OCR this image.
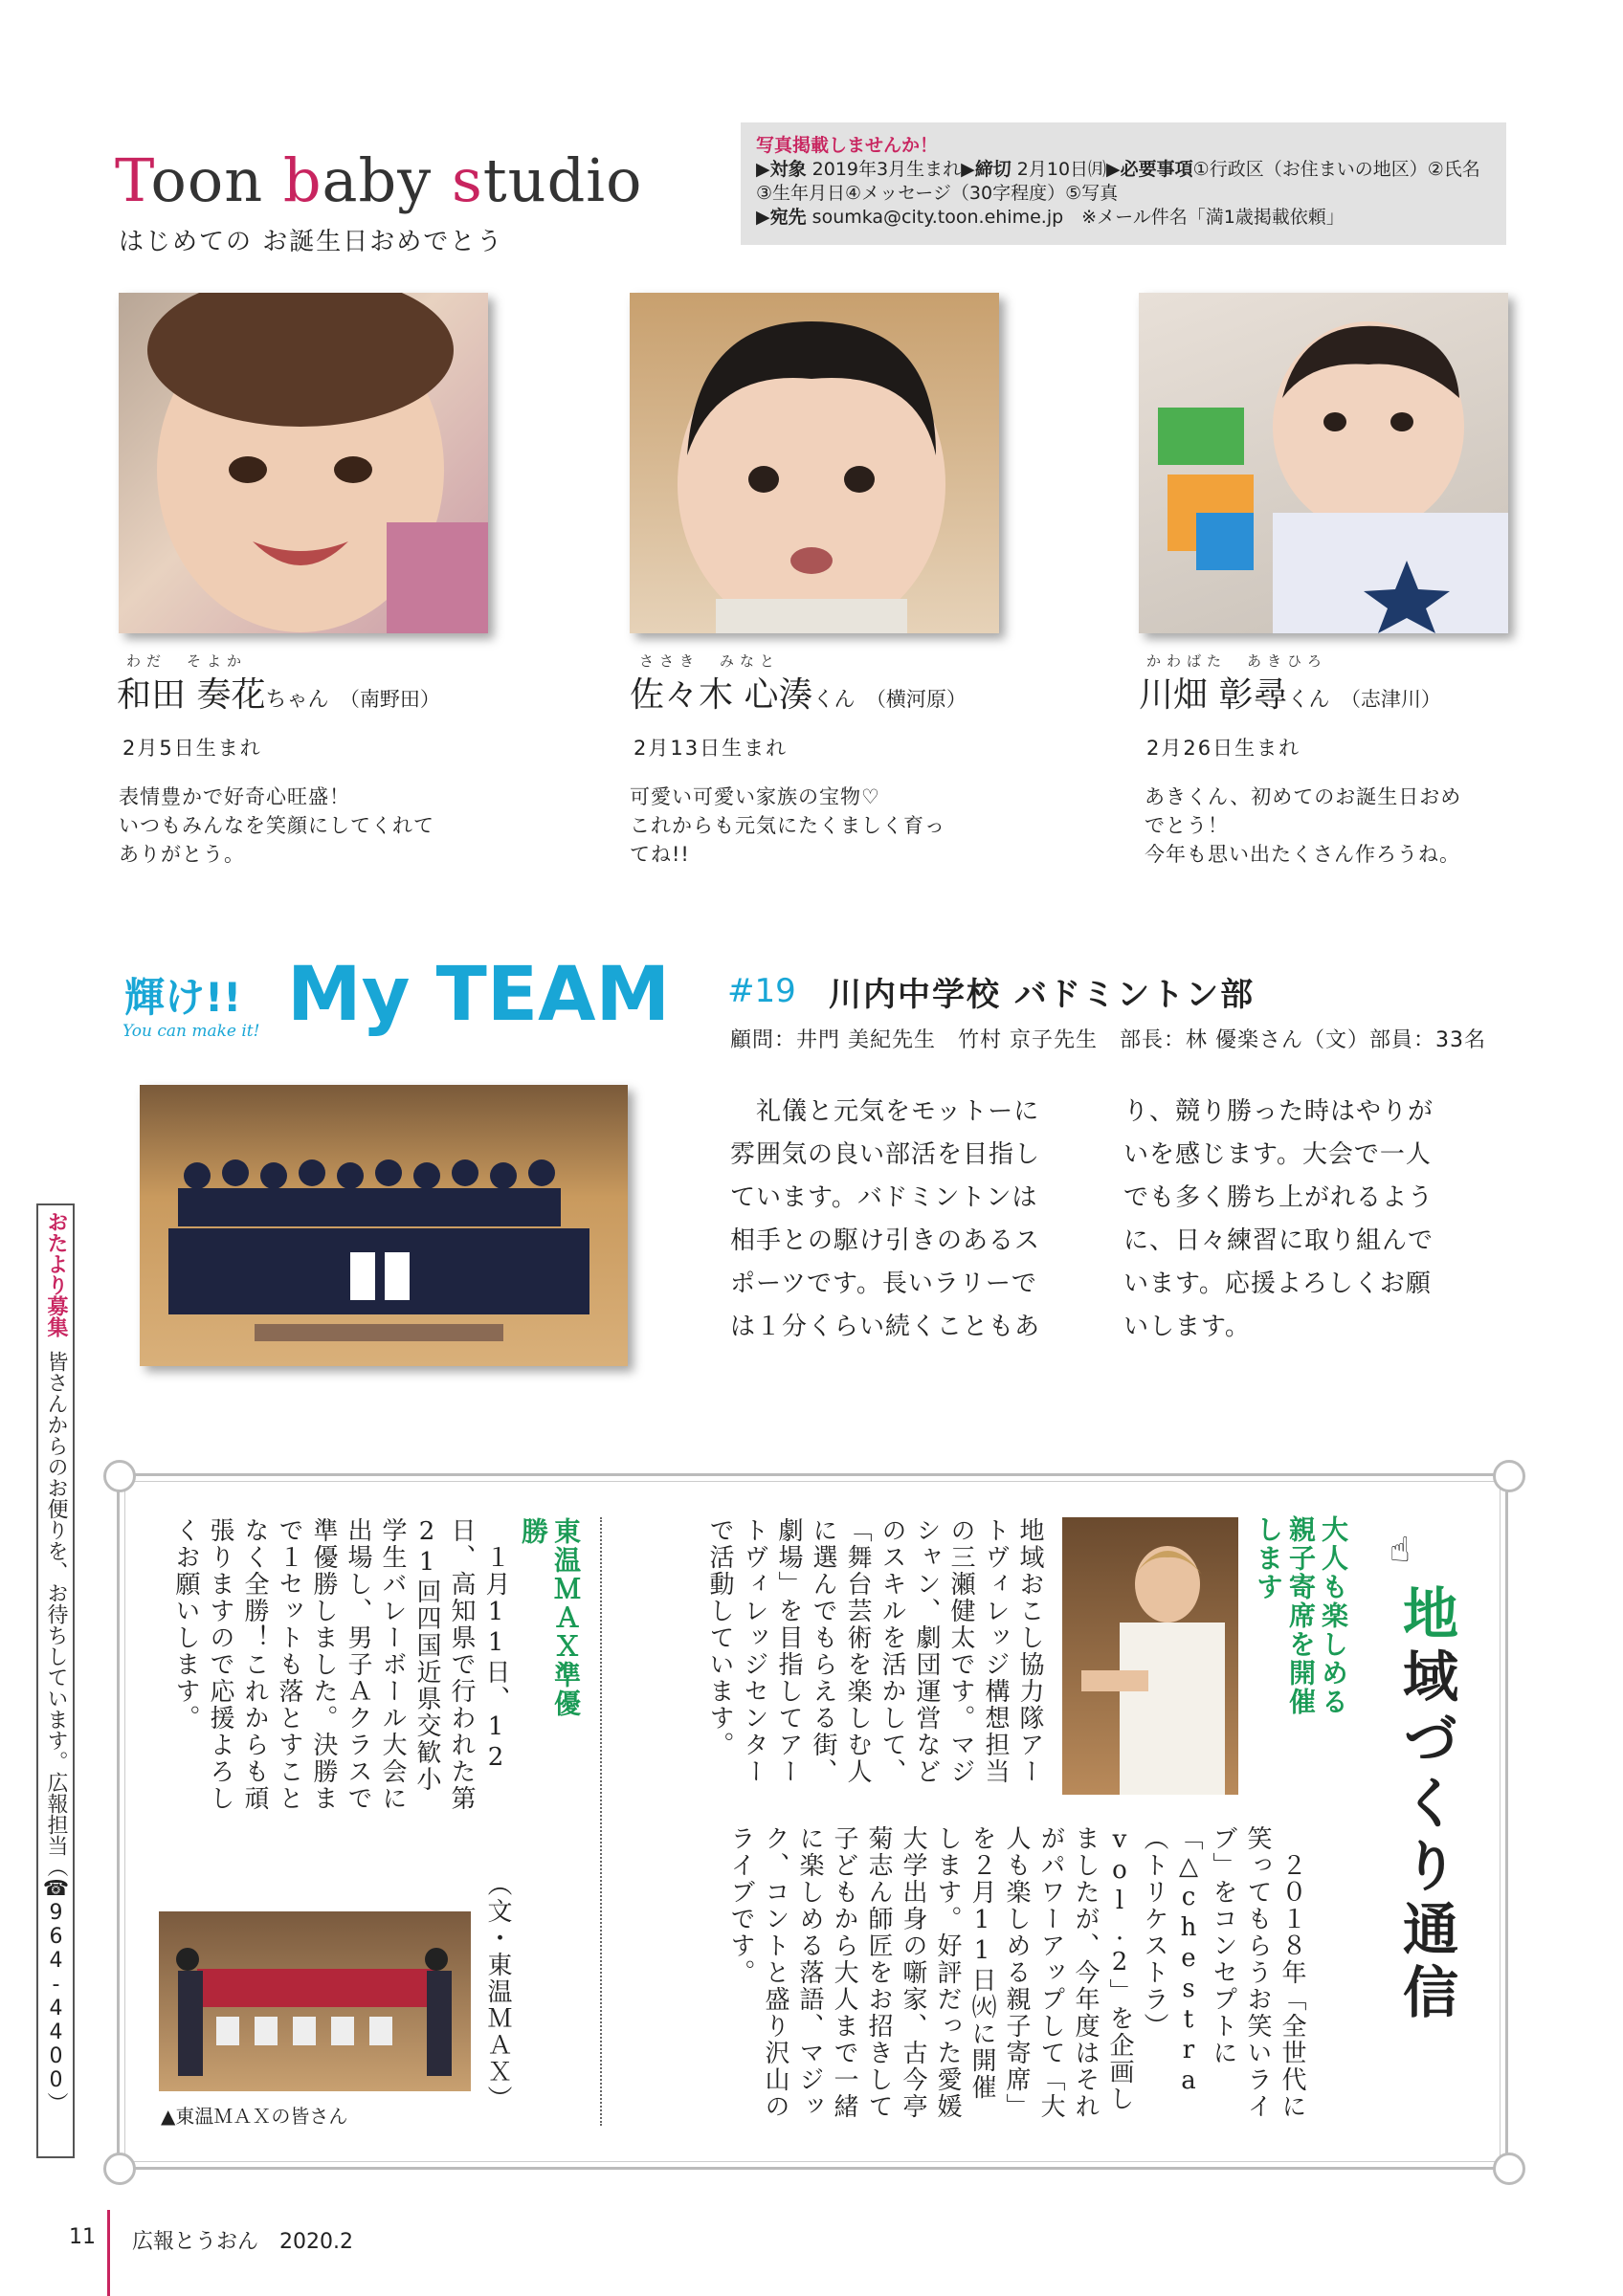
Toon baby studio
はじめての お誕生日おめでとう
写真掲載しませんか！
▶対象 2019年3月生まれ▶締切 2月10日㈪▶必要事項①行政区（お住まいの地区）②氏名③生年月日④メッセージ（30字程度）⑤写真
▶宛先 soumka@city.toon.ehime.jp　※メール件名「満1歳掲載依頼」
わだ　そよか
和田 奏花ちゃん （南野田）
2月5日生まれ
表情豊かで好奇心旺盛！
いつもみんなを笑顔にしてくれて
ありがとう。
ささき　みなと
佐々木 心湊くん （横河原）
2月13日生まれ
可愛い可愛い家族の宝物♡
これからも元気にたくましく育っ
てね!!
かわばた　あきひろ
川畑 彰尋くん （志津川）
2月26日生まれ
あきくん、初めてのお誕生日おめ
でとう！
今年も思い出たくさん作ろうね。
輝け!!
You can make it! My TEAM #19 川内中学校 バドミントン部
顧問：井門 美紀先生　竹村 京子先生　部長：林 優楽さん（文）部員：33名
　礼儀と元気をモットーに
雰囲気の良い部活を目指し
ています。バドミントンは
相手との駆け引きのあるス
ポーツです。長いラリーで
は１分くらい続くこともあ
り、競り勝った時はやりが
いを感じます。大会で一人
でも多く勝ち上がれるよう
に、日々練習に取り組んで
います。応援よろしくお願
いします。
おたより募集皆さんからのお便りを、お待ちしています。広報担当（☎964-4400）	☝
地域づくり通信
大人も楽しめる親子寄席を開催します
地域おこし協力隊アートヴィレッジ構想担当の三瀬健太です。マジシャン、劇団運営などのスキルを活かして、「舞台芸術を楽しむ人に選んでもらえる街、劇場」を目指してアートヴィレッジセンターで活動しています。
　２０１８年「全世代に笑ってもらうお笑いライブ」をコンセプトに「△chestra（トリケストラ）vol.2」を企画しましたが、今年度はそれがパワーアップして「大人も楽しめる親子寄席」を２月11日㈫に開催します。好評だった愛媛大学出身の噺家、古今亭菊志ん師匠をお招きして子どもから大人まで一緒に楽しめる落語、マジック、コントと盛り沢山のライブです。
東温ＭＡＸ準優勝
　１月11日、12日、高知県で行われた第21回四国近県交歓小学生バレーボール大会に出場し、男子Ａクラスで準優勝しました。決勝まで１セットも落とすことなく全勝！これからも頑張りますので応援よろしくお願いします。
（文・東温ＭＡＸ）
▲東温ＭＡＸの皆さん
11 広報とうおん　2020.2
